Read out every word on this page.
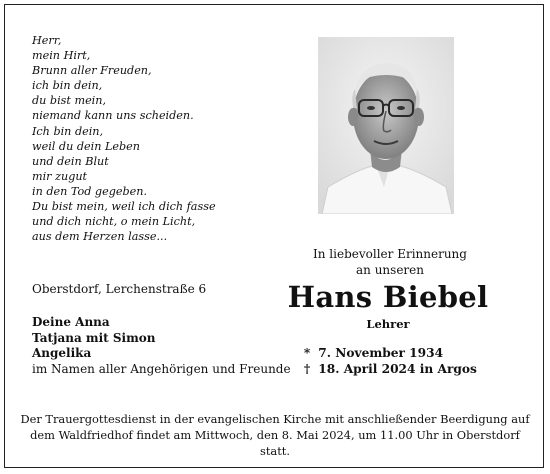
Herr,
mein Hirt,
Brunn aller Freuden,
ich bin dein,
du bist mein,
niemand kann uns scheiden.
Ich bin dein,
weil du dein Leben
und dein Blut
mir zugut
in den Tod gegeben.
Du bist mein, weil ich dich fasse
und dich nicht, o mein Licht,
aus dem Herzen lasse...
In liebevoller Erinnerung
an unseren
Hans Biebel
Lehrer
Oberstdorf, Lerchenstraße 6
Deine Anna
Tatjana mit Simon
Angelika
im Namen aller Angehörigen und Freunde
* 7. November 1934
† 18. April 2024 in Argos
Der Trauergottesdienst in der evangelischen Kirche mit anschließender Beerdigung auf
dem Waldfriedhof findet am Mittwoch, den 8. Mai 2024, um 11.00 Uhr in Oberstdorf statt.
